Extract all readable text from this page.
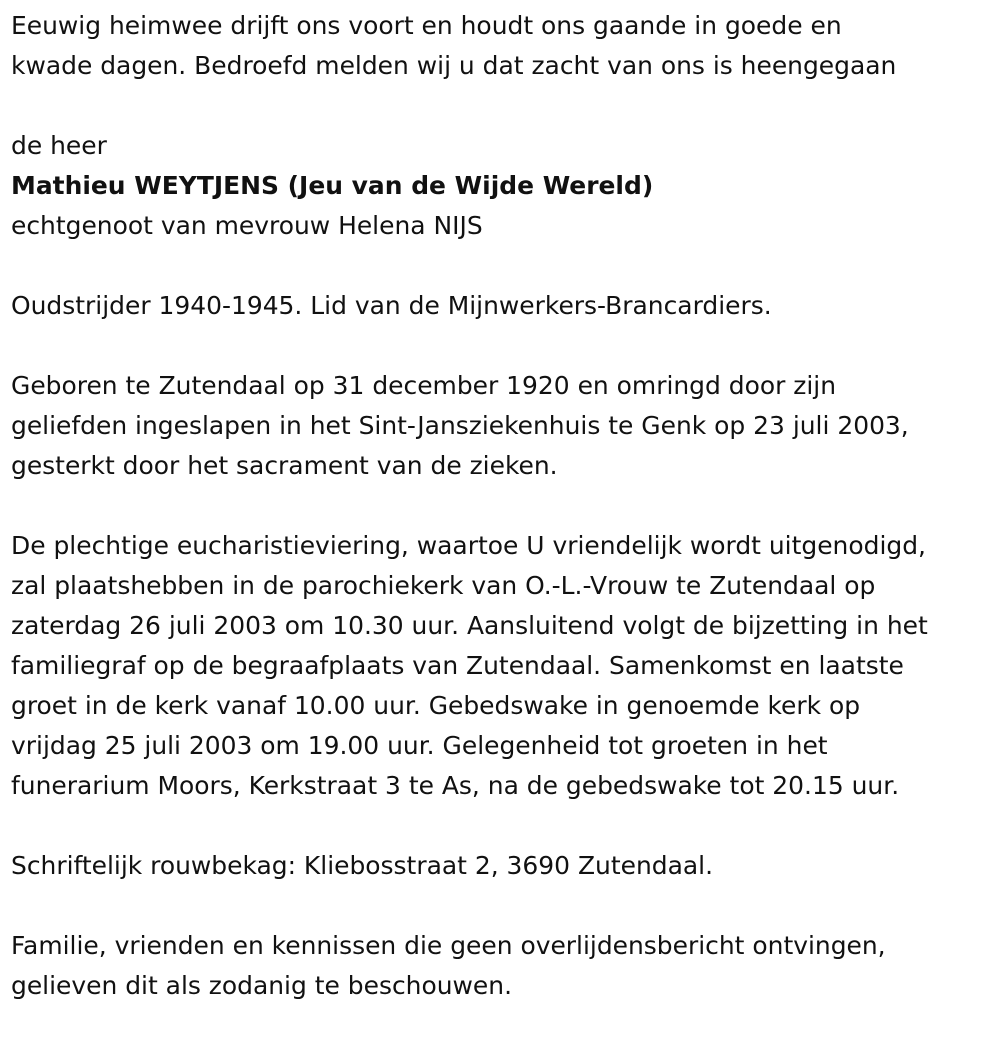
Eeuwig heimwee drijft ons voort en houdt ons gaande in goede en
kwade dagen. Bedroefd melden wij u dat zacht van ons is heengegaan
de heer
Mathieu WEYTJENS (Jeu van de Wijde Wereld)
echtgenoot van mevrouw Helena NIJS
Oudstrijder 1940-1945. Lid van de Mijnwerkers-Brancardiers.
Geboren te Zutendaal op 31 december 1920 en omringd door zijn
geliefden ingeslapen in het Sint-Jansziekenhuis te Genk op 23 juli 2003,
gesterkt door het sacrament van de zieken.
De plechtige eucharistieviering, waartoe U vriendelijk wordt uitgenodigd,
zal plaatshebben in de parochiekerk van O.-L.-Vrouw te Zutendaal op
zaterdag 26 juli 2003 om 10.30 uur. Aansluitend volgt de bijzetting in het
familiegraf op de begraafplaats van Zutendaal. Samenkomst en laatste
groet in de kerk vanaf 10.00 uur. Gebedswake in genoemde kerk op
vrijdag 25 juli 2003 om 19.00 uur. Gelegenheid tot groeten in het
funerarium Moors, Kerkstraat 3 te As, na de gebedswake tot 20.15 uur.
Schriftelijk rouwbekag: Kliebosstraat 2, 3690 Zutendaal.
Familie, vrienden en kennissen die geen overlijdensbericht ontvingen,
gelieven dit als zodanig te beschouwen.
